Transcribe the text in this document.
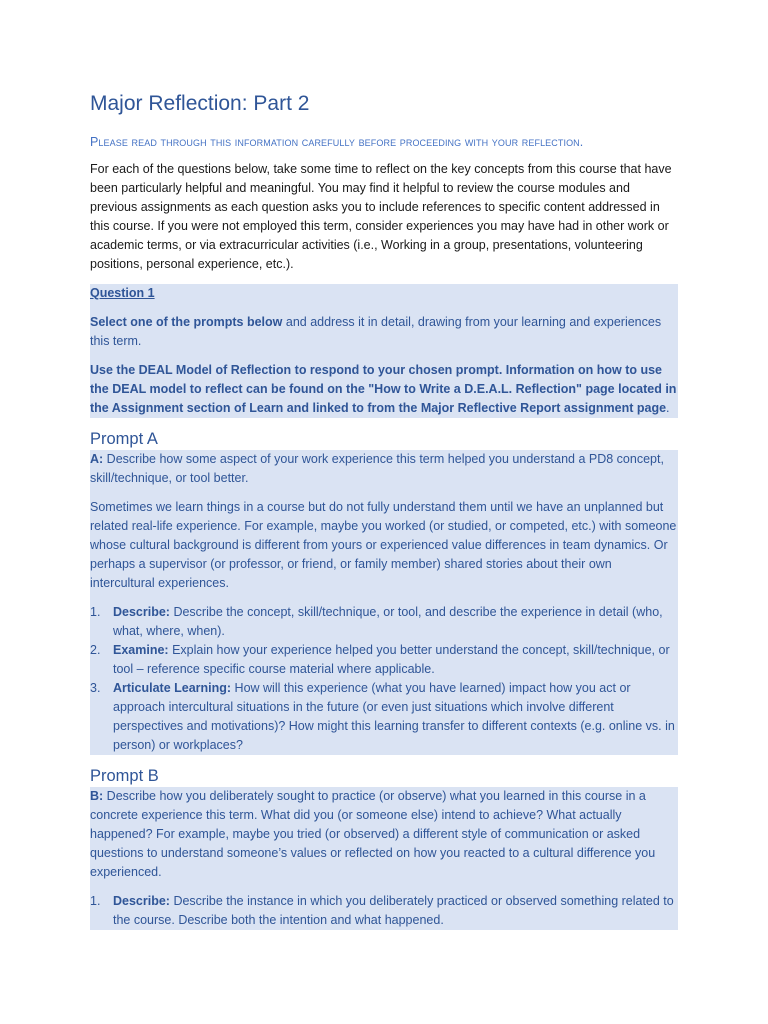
Major Reflection: Part 2

Please read through this information carefully before proceeding with your reflection.

For each of the questions below, take some time to reflect on the key concepts from this course that have been particularly helpful and meaningful. You may find it helpful to review the course modules and previous assignments as each question asks you to include references to specific content addressed in this course. If you were not employed this term, consider experiences you may have had in other work or academic terms, or via extracurricular activities (i.e., Working in a group, presentations, volunteering positions, personal experience, etc.).

Question 1

Select one of the prompts below and address it in detail, drawing from your learning and experiences this term.

Use the DEAL Model of Reflection to respond to your chosen prompt. Information on how to use the DEAL model to reflect can be found on the "How to Write a D.E.A.L. Reflection" page located in the Assignment section of Learn and linked to from the Major Reflective Report assignment page.

Prompt A

A: Describe how some aspect of your work experience this term helped you understand a PD8 concept, skill/technique, or tool better.

Sometimes we learn things in a course but do not fully understand them until we have an unplanned but related real-life experience. For example, maybe you worked (or studied, or competed, etc.) with someone whose cultural background is different from yours or experienced value differences in team dynamics. Or perhaps a supervisor (or professor, or friend, or family member) shared stories about their own intercultural experiences.

1. Describe: Describe the concept, skill/technique, or tool, and describe the experience in detail (who, what, where, when).
2. Examine: Explain how your experience helped you better understand the concept, skill/technique, or tool – reference specific course material where applicable.
3. Articulate Learning: How will this experience (what you have learned) impact how you act or approach intercultural situations in the future (or even just situations which involve different perspectives and motivations)? How might this learning transfer to different contexts (e.g. online vs. in person) or workplaces?
Prompt B

B: Describe how you deliberately sought to practice (or observe) what you learned in this course in a concrete experience this term. What did you (or someone else) intend to achieve? What actually happened? For example, maybe you tried (or observed) a different style of communication or asked questions to understand someone’s values or reflected on how you reacted to a cultural difference you experienced.

1. Describe: Describe the instance in which you deliberately practiced or observed something related to the course. Describe both the intention and what happened.
